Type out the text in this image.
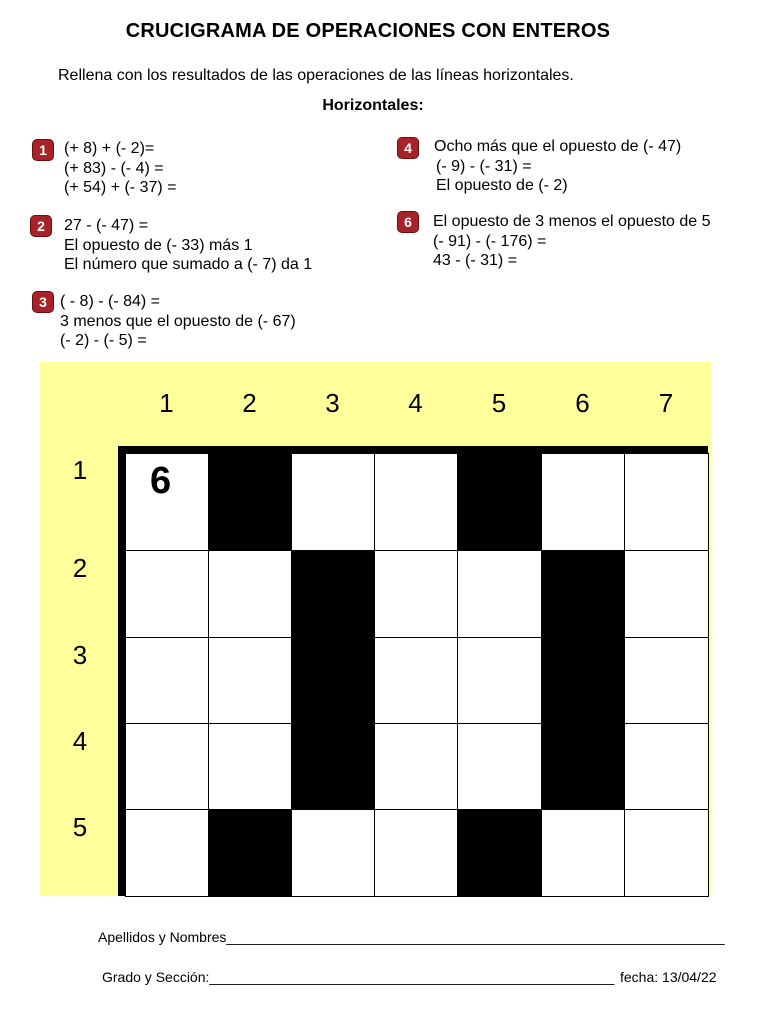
CRUCIGRAMA DE OPERACIONES CON ENTEROS
Rellena con los resultados de las operaciones de las líneas horizontales.
Horizontales:
1	(+ 8) + (- 2)=
(+ 83) - (- 4) =
(+ 54) + (- 37) =
2	27 - (- 47) =
El opuesto de (- 33) más 1
El número que sumado a (- 7) da 1
3 ( - 8) - (- 84) =
3 menos que el opuesto de (- 67)
(- 2) - (- 5) =
4	Ocho más que el opuesto de (- 47)
(- 9) - (- 31) =
El opuesto de (- 2)
6	El opuesto de 3 menos el opuesto de 5
(- 91) - (- 176) =
43 - (- 31) =
6
Apellidos y Nombres________________________________________________________________
Grado y Sección:____________________________________________________ fecha: 13/04/22
1	2	3	4	5	6	7
1
2
3
4
5
